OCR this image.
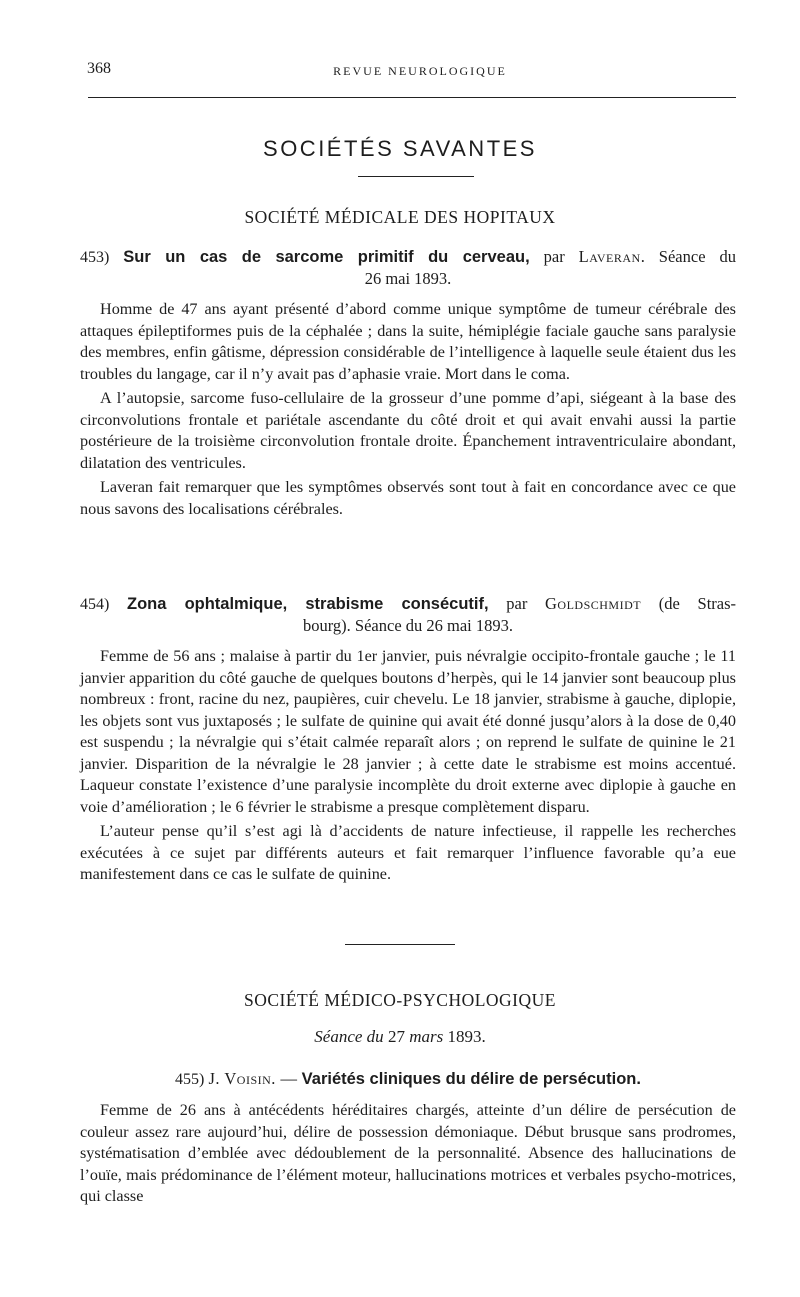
368	REVUE NEUROLOGIQUE
SOCIÉTÉS SAVANTES
SOCIÉTÉ MÉDICALE DES HOPITAUX
453) Sur un cas de sarcome primitif du cerveau, par Laveran. Séance du
26 mai 1893.

Homme de 47 ans ayant présenté d’abord comme unique symptôme de tumeur cérébrale des attaques épileptiformes puis de la céphalée ; dans la suite, hémiplégie faciale gauche sans paralysie des membres, enfin gâtisme, dépression considérable de l’intelligence à laquelle seule étaient dus les troubles du langage, car il n’y avait pas d’aphasie vraie. Mort dans le coma.

A l’autopsie, sarcome fuso-cellulaire de la grosseur d’une pomme d’api, siégeant à la base des circonvolutions frontale et pariétale ascendante du côté droit et qui avait envahi aussi la partie postérieure de la troisième circonvolution frontale droite. Épanchement intraventriculaire abondant, dilatation des ventricules.

Laveran fait remarquer que les symptômes observés sont tout à fait en concordance avec ce que nous savons des localisations cérébrales.

454) Zona ophtalmique, strabisme consécutif, par Goldschmidt (de Stras-
bourg). Séance du 26 mai 1893.

Femme de 56 ans ; malaise à partir du 1er janvier, puis névralgie occipito-frontale gauche ; le 11 janvier apparition du côté gauche de quelques boutons d’herpès, qui le 14 janvier sont beaucoup plus nombreux : front, racine du nez, paupières, cuir chevelu. Le 18 janvier, strabisme à gauche, diplopie, les objets sont vus juxtaposés ; le sulfate de quinine qui avait été donné jusqu’alors à la dose de 0,40 est suspendu ; la névralgie qui s’était calmée reparaît alors ; on reprend le sulfate de quinine le 21 janvier. Disparition de la névralgie le 28 janvier ; à cette date le strabisme est moins accentué. Laqueur constate l’existence d’une paralysie incomplète du droit externe avec diplopie à gauche en voie d’amélioration ; le 6 février le strabisme a presque complètement disparu.

L’auteur pense qu’il s’est agi là d’accidents de nature infectieuse, il rappelle les recherches exécutées à ce sujet par différents auteurs et fait remarquer l’influence favorable qu’a eue manifestement dans ce cas le sulfate de quinine.

SOCIÉTÉ MÉDICO-PSYCHOLOGIQUE
Séance du 27 mars 1893.
455) J. Voisin. — Variétés cliniques du délire de persécution.

Femme de 26 ans à antécédents héréditaires chargés, atteinte d’un délire de persécution de couleur assez rare aujourd’hui, délire de possession démoniaque. Début brusque sans prodromes, systématisation d’emblée avec dédoublement de la personnalité. Absence des hallucinations de l’ouïe, mais prédominance de l’élément moteur, hallucinations motrices et verbales psycho-motrices, qui classe
